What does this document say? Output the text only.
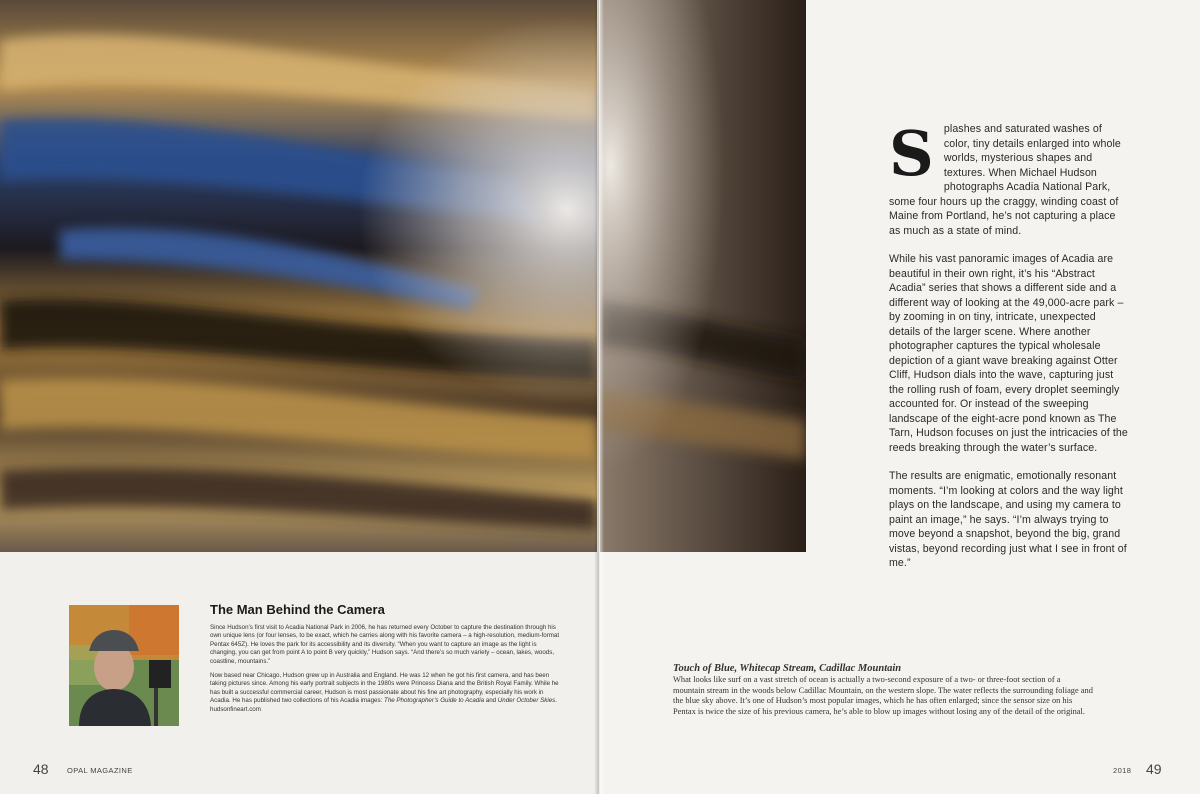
S plashes and saturated washes of color, tiny details enlarged into whole worlds, mysterious shapes and textures. When Michael Hudson photographs Acadia National Park, some four hours up the craggy, winding coast of Maine from Portland, he’s not capturing a place as much as a state of mind.

While his vast panoramic images of Acadia are beautiful in their own right, it’s his “Abstract Acadia” series that shows a different side and a different way of looking at the 49,000-acre park – by zooming in on tiny, intricate, unexpected details of the larger scene. Where another photographer captures the typical wholesale depiction of a giant wave breaking against Otter Cliff, Hudson dials into the wave, capturing just the rolling rush of foam, every droplet seemingly accounted for. Or instead of the sweeping landscape of the eight-acre pond known as The Tarn, Hudson focuses on just the intricacies of the reeds breaking through the water’s surface.

The results are enigmatic, emotionally resonant moments. “I’m looking at colors and the way light plays on the landscape, and using my camera to paint an image,” he says. “I’m always trying to move beyond a snapshot, beyond the big, grand vistas, beyond recording just what I see in front of me.”

The Man Behind the Camera

Since Hudson’s first visit to Acadia National Park in 2006, he has returned every October to capture the destination through his own unique lens (or four lenses, to be exact, which he carries along with his favorite camera – a high-resolution, medium-format Pentax 645Z). He loves the park for its accessibility and its diversity. “When you want to capture an image as the light is changing, you can get from point A to point B very quickly,” Hudson says. “And there’s so much variety – ocean, lakes, woods, coastline, mountains.”

Now based near Chicago, Hudson grew up in Australia and England. He was 12 when he got his first camera, and has been taking pictures since. Among his early portrait subjects in the 1980s were Princess Diana and the British Royal Family. While he has built a successful commercial career, Hudson is most passionate about his fine art photography, especially his work in Acadia. He has published two collections of his Acadia images: The Photographer’s Guide to Acadia and Under October Skies. hudsonfineart.com

Touch of Blue, Whitecap Stream, Cadillac Mountain
What looks like surf on a vast stretch of ocean is actually a two-second exposure of a two- or three-foot section of a mountain stream in the woods below Cadillac Mountain, on the western slope. The water reflects the surrounding foliage and the blue sky above. It’s one of Hudson’s most popular images, which he has often enlarged; since the sensor size on his Pentax is twice the size of his previous camera, he’s able to blow up images without losing any of the detail of the original.
48 OPAL MAGAZINE	2018 49
